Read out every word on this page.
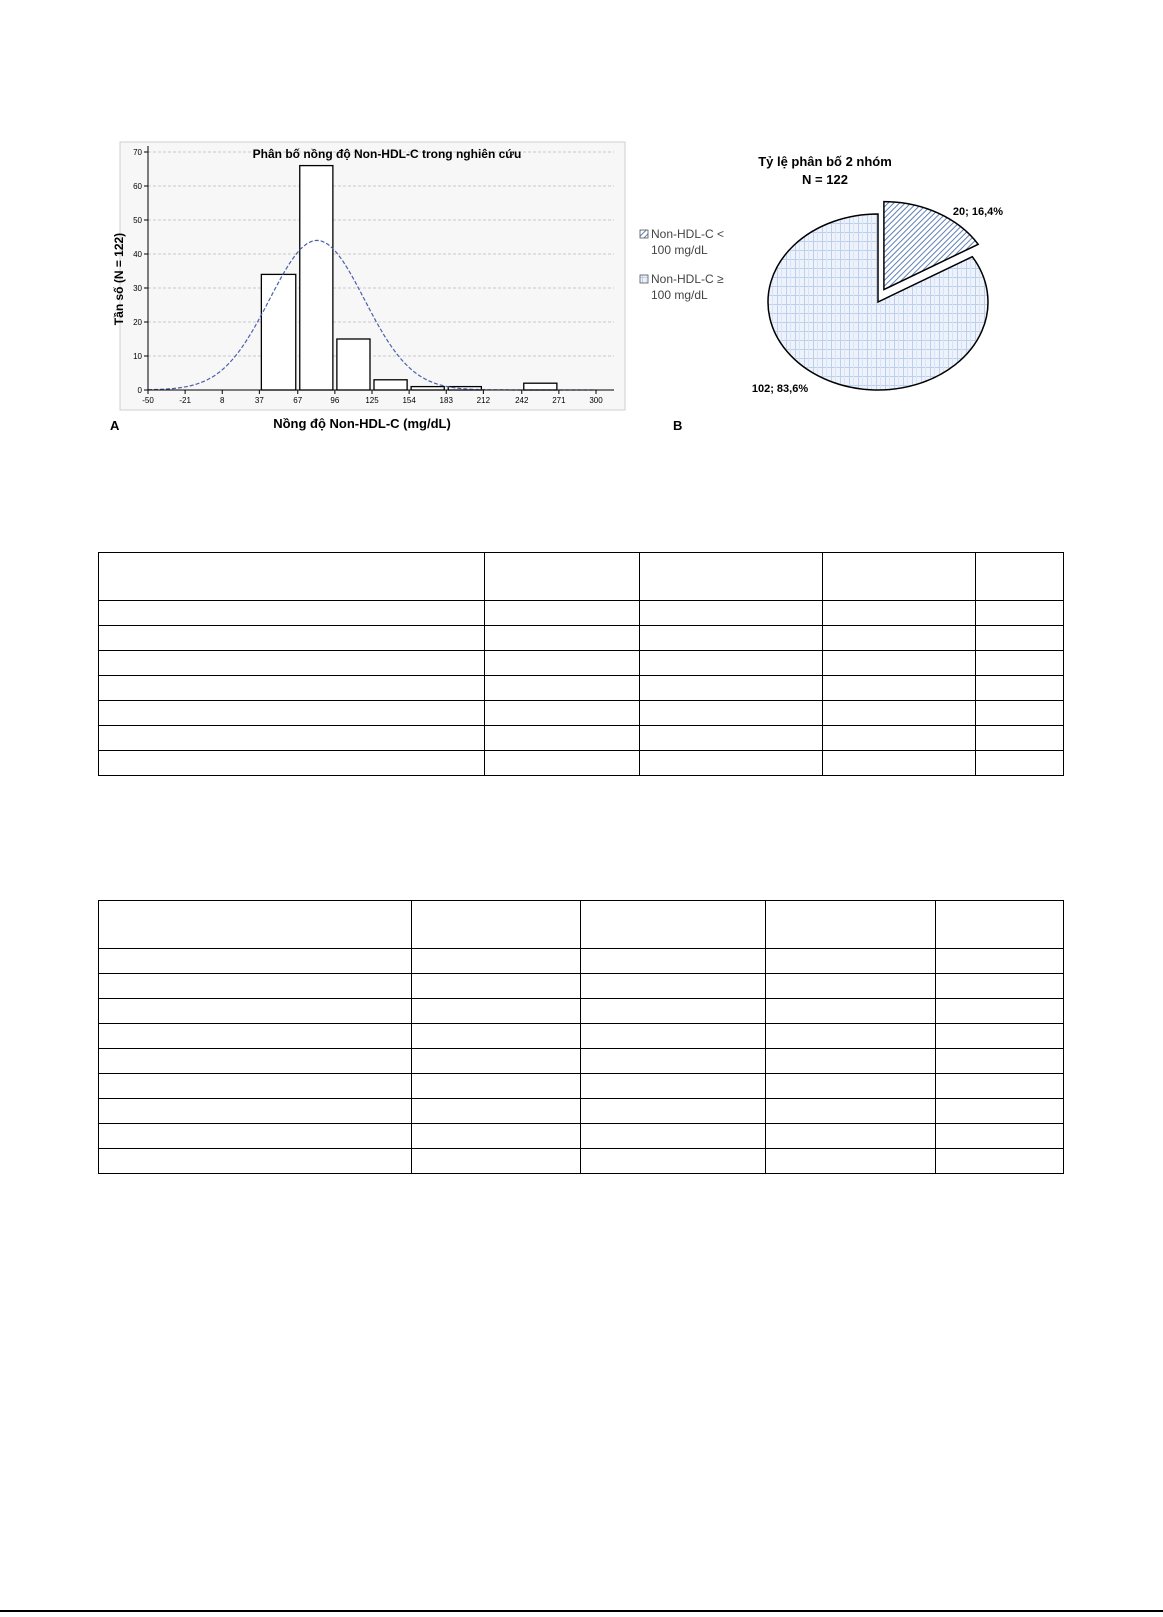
0
10
20
30
40
50
60
70
-50	-21	8	37	67	96	125	154	183	212	242	271	300
Phân bố nồng độ Non-HDL-C trong nghiên cứu
Nồng độ Non-HDL-C (mg/dL)
Tần số (N = 122)
A
Tỷ lệ phân bố 2 nhóm
N = 122
20; 16,4%
102; 83,6%
Non-HDL-C <
100 mg/dL
Non-HDL-C ≥
100 mg/dL
B
